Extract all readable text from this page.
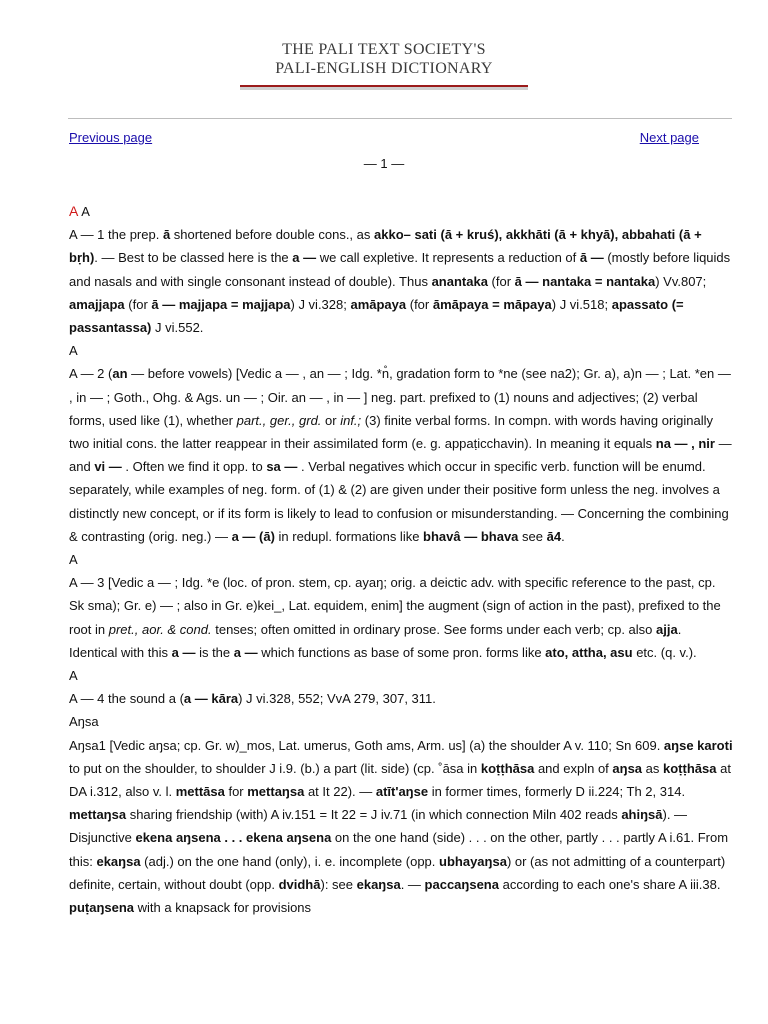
THE PALI TEXT SOCIETY'S
PALI-ENGLISH DICTIONARY
Previous page	Next page
— 1 —

A A

A — 1 the prep. ā shortened before double cons., as akko– sati (ā + kruś), akkhāti (ā + khyā), abbahati (ā + bṛh). — Best to be classed here is the a — we call expletive. It represents a reduction of ā — (mostly before liquids and nasals and with single consonant instead of double). Thus anantaka (for ā — nantaka = nantaka) Vv.807; amajjapa (for ā — majjapa = majjapa) J vi.328; amāpaya (for āmāpaya = māpaya) J vi.518; apassato (= passantassa) J vi.552.

A

A — 2 (an — before vowels) [Vedic a — , an — ; Idg. *n̊, gradation form to *ne (see na2); Gr. a), a)n — ; Lat. *en — , in — ; Goth., Ohg. & Ags. un — ; Oir. an — , in — ] neg. part. prefixed to (1) nouns and adjectives; (2) verbal forms, used like (1), whether part., ger., grd. or inf.; (3) finite verbal forms. In compn. with words having originally two initial cons. the latter reappear in their assimilated form (e. g. appaṭicchavin). In meaning it equals na — , nir — and vi — . Often we find it opp. to sa — . Verbal negatives which occur in specific verb. function will be enumd. separately, while examples of neg. form. of (1) & (2) are given under their positive form unless the neg. involves a distinctly new concept, or if its form is likely to lead to confusion or misunderstanding. — Concerning the combining & contrasting (orig. neg.) — a — (ā) in redupl. formations like bhavâ — bhava see ā4.

A

A — 3 [Vedic a — ; Idg. *e (loc. of pron. stem, cp. ayaŋ; orig. a deictic adv. with specific reference to the past, cp. Sk sma); Gr. e) — ; also in Gr. e)kei_, Lat. equidem, enim] the augment (sign of action in the past), prefixed to the root in pret., aor. & cond. tenses; often omitted in ordinary prose. See forms under each verb; cp. also ajja. Identical with this a — is the a — which functions as base of some pron. forms like ato, attha, asu etc. (q. v.).

A

A — 4 the sound a (a — kāra) J vi.328, 552; VvA 279, 307, 311.

Aŋsa

Aŋsa1 [Vedic aŋsa; cp. Gr. w)_mos, Lat. umerus, Goth ams, Arm. us] (a) the shoulder A v. 110; Sn 609. aŋse karoti to put on the shoulder, to shoulder J i.9. (b.) a part (lit. side) (cp. ˚āsa in koṭṭhāsa and expln of aŋsa as koṭṭhāsa at DA i.312, also v. l. mettāsa for mettaŋsa at It 22). — atīt'aŋse in former times, formerly D ii.224; Th 2, 314. mettaŋsa sharing friendship (with) A iv.151 = It 22 = J iv.71 (in which connection Miln 402 reads ahiŋsā). — Disjunctive ekena aŋsena . . . ekena aŋsena on the one hand (side) . . . on the other, partly . . . partly A i.61. From this: ekaŋsa (adj.) on the one hand (only), i. e. incomplete (opp. ubhayaŋsa) or (as not admitting of a counterpart) definite, certain, without doubt (opp. dvidhā): see ekaŋsa. — paccaŋsena according to each one's share A iii.38. puṭaŋsena with a knapsack for provisions
